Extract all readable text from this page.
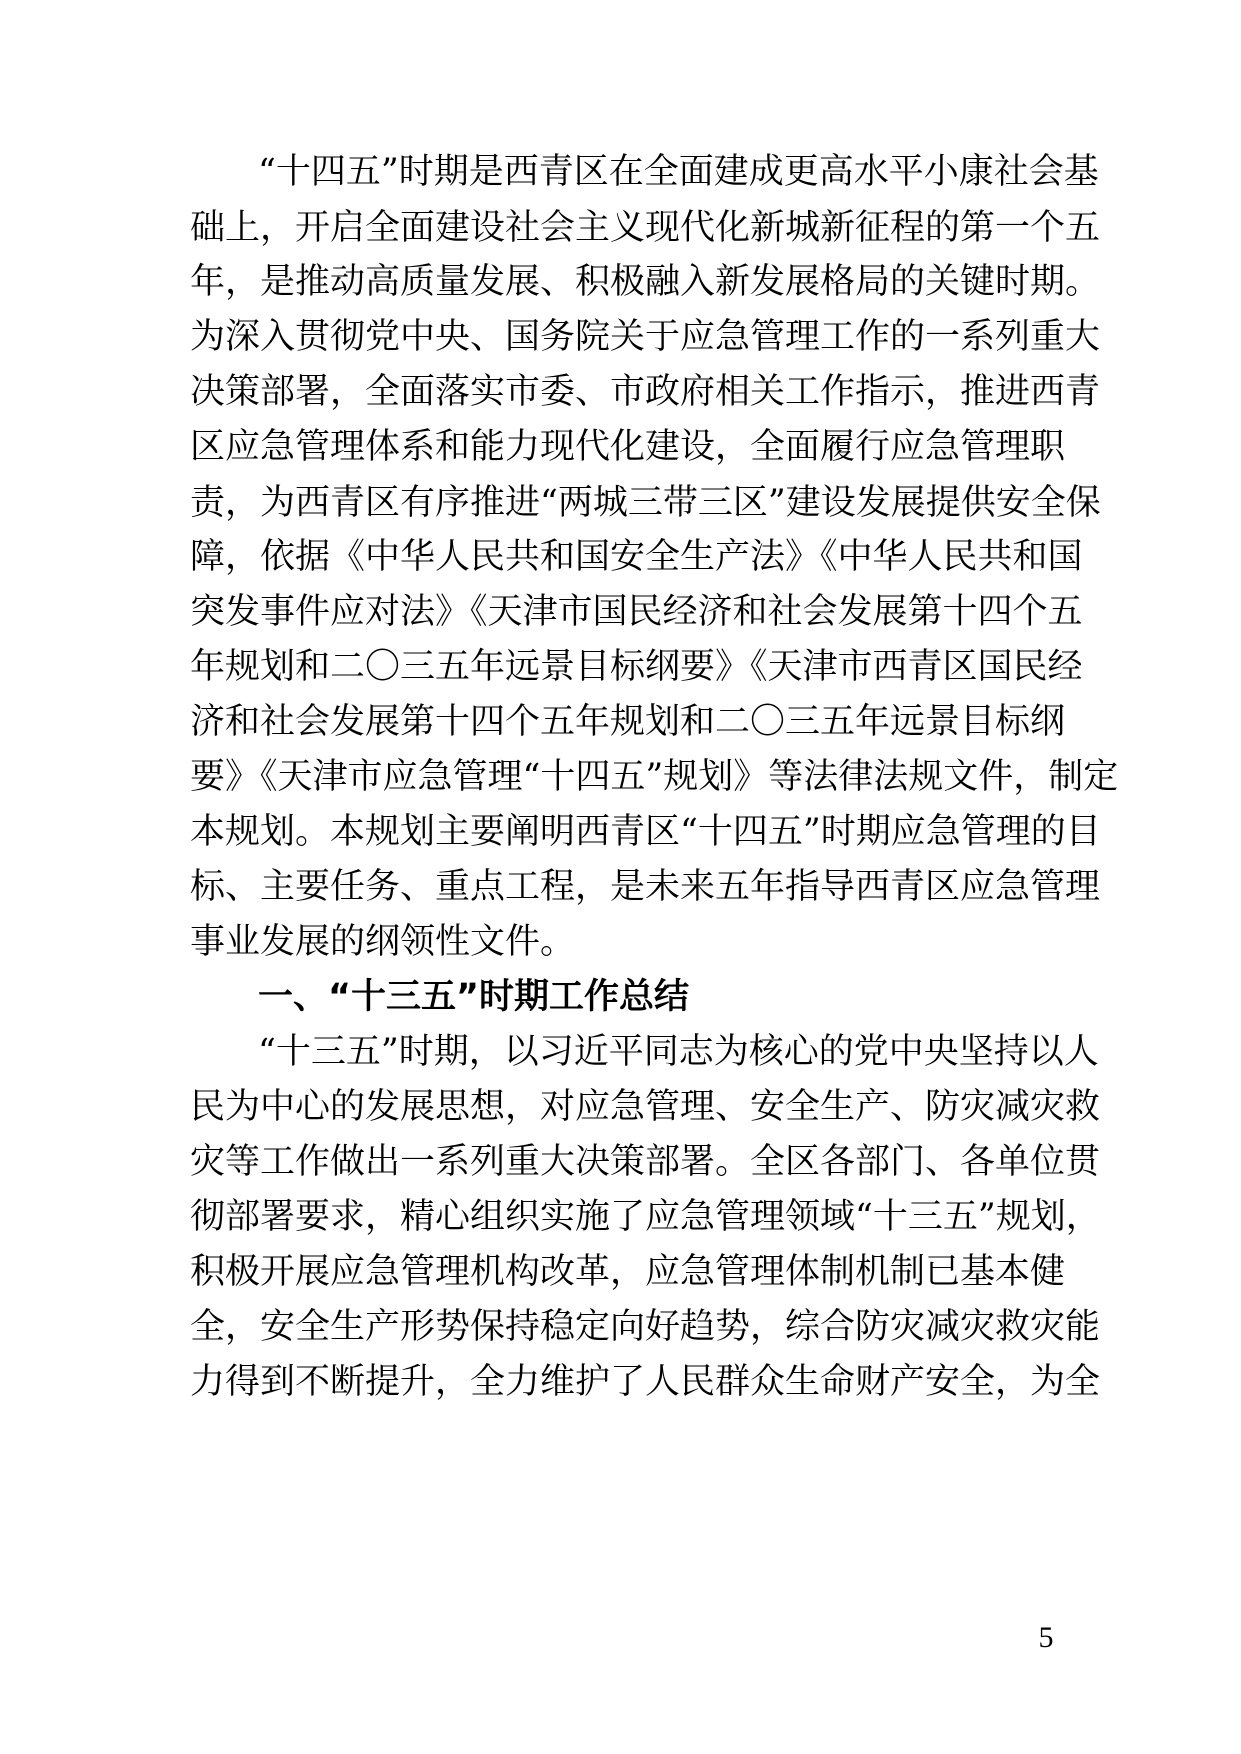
“十四五”时期是西青区在全面建成更高水平小康社会基
础上，开启全面建设社会主义现代化新城新征程的第一个五
年，是推动高质量发展、积极融入新发展格局的关键时期。
为深入贯彻党中央、国务院关于应急管理工作的一系列重大
决策部署，全面落实市委、市政府相关工作指示，推进西青
区应急管理体系和能力现代化建设，全面履行应急管理职
责，为西青区有序推进“两城三带三区”建设发展提供安全保
障，依据《中华人民共和国安全生产法》《中华人民共和国
突发事件应对法》《天津市国民经济和社会发展第十四个五
年规划和二〇三五年远景目标纲要》《天津市西青区国民经
济和社会发展第十四个五年规划和二〇三五年远景目标纲
要》《天津市应急管理“十四五”规划》等法律法规文件，制定
本规划。本规划主要阐明西青区“十四五”时期应急管理的目
标、主要任务、重点工程，是未来五年指导西青区应急管理
事业发展的纲领性文件。
一、“十三五”时期工作总结
“十三五”时期，以习近平同志为核心的党中央坚持以人
民为中心的发展思想，对应急管理、安全生产、防灾减灾救
灾等工作做出一系列重大决策部署。全区各部门、各单位贯
彻部署要求，精心组织实施了应急管理领域“十三五”规划，
积极开展应急管理机构改革，应急管理体制机制已基本健
全，安全生产形势保持稳定向好趋势，综合防灾减灾救灾能
力得到不断提升，全力维护了人民群众生命财产安全，为全
5
